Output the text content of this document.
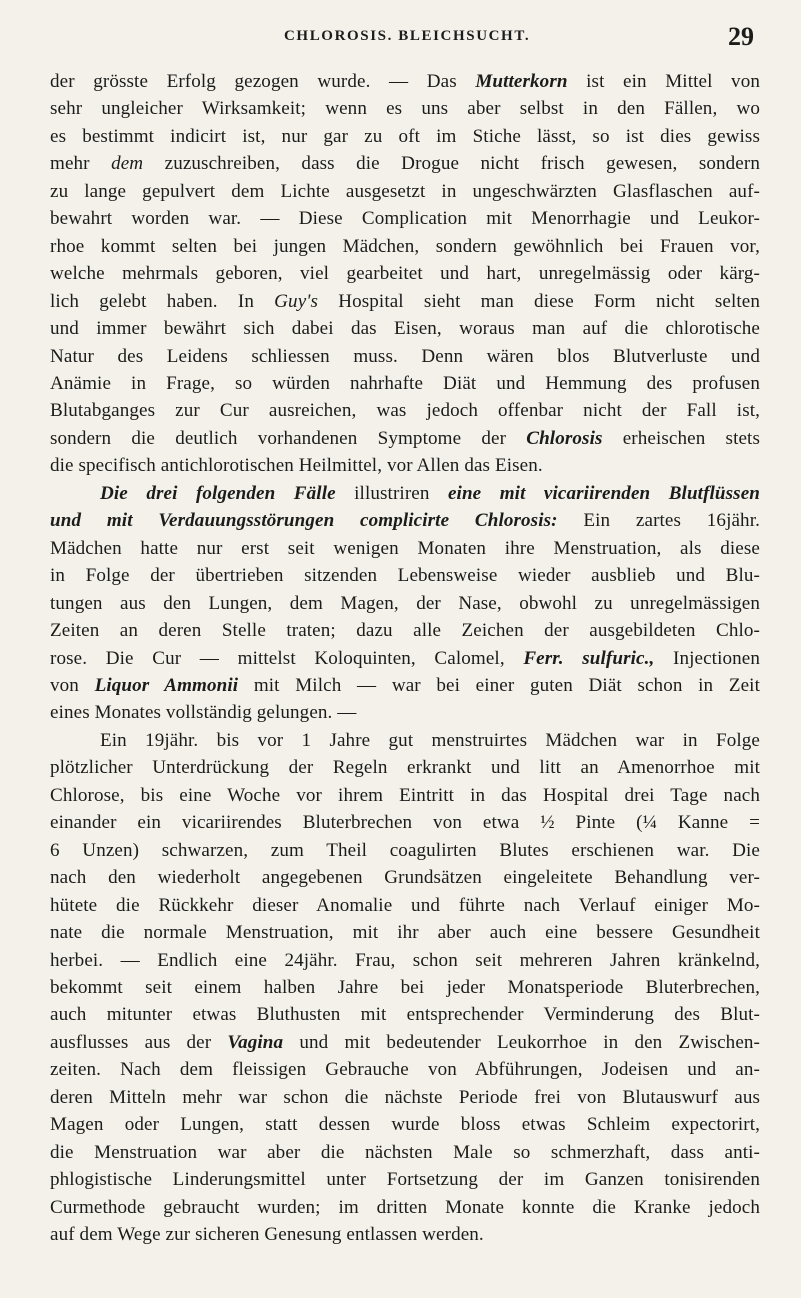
CHLOROSIS. BLEICHSUCHT.	29
der grösste Erfolg gezogen wurde. — Das Mutterkorn ist ein Mittel von
sehr ungleicher Wirksamkeit; wenn es uns aber selbst in den Fällen, wo
es bestimmt indicirt ist, nur gar zu oft im Stiche lässt, so ist dies gewiss
mehr dem zuzuschreiben, dass die Drogue nicht frisch gewesen, sondern
zu lange gepulvert dem Lichte ausgesetzt in ungeschwärzten Glasflaschen auf-
bewahrt worden war. — Diese Complication mit Menorrhagie und Leukor-
rhoe kommt selten bei jungen Mädchen, sondern gewöhnlich bei Frauen vor,
welche mehrmals geboren, viel gearbeitet und hart, unregelmässig oder kärg-
lich gelebt haben. In Guy's Hospital sieht man diese Form nicht selten
und immer bewährt sich dabei das Eisen, woraus man auf die chlorotische
Natur des Leidens schliessen muss. Denn wären blos Blutverluste und
Anämie in Frage, so würden nahrhafte Diät und Hemmung des profusen
Blutabganges zur Cur ausreichen, was jedoch offenbar nicht der Fall ist,
sondern die deutlich vorhandenen Symptome der Chlorosis erheischen stets
die specifisch antichlorotischen Heilmittel, vor Allen das Eisen.
Die drei folgenden Fälle illustriren eine mit vicariirenden Blutflüssen
und mit Verdauungsstörungen complicirte Chlorosis: Ein zartes 16jähr.
Mädchen hatte nur erst seit wenigen Monaten ihre Menstruation, als diese
in Folge der übertrieben sitzenden Lebensweise wieder ausblieb und Blu-
tungen aus den Lungen, dem Magen, der Nase, obwohl zu unregelmässigen
Zeiten an deren Stelle traten; dazu alle Zeichen der ausgebildeten Chlo-
rose. Die Cur — mittelst Koloquinten, Calomel, Ferr. sulfuric., Injectionen
von Liquor Ammonii mit Milch — war bei einer guten Diät schon in Zeit
eines Monates vollständig gelungen. —
Ein 19jähr. bis vor 1 Jahre gut menstruirtes Mädchen war in Folge
plötzlicher Unterdrückung der Regeln erkrankt und litt an Amenorrhoe mit
Chlorose, bis eine Woche vor ihrem Eintritt in das Hospital drei Tage nach
einander ein vicariirendes Bluterbrechen von etwa ½ Pinte (¼ Kanne =
6 Unzen) schwarzen, zum Theil coagulirten Blutes erschienen war. Die
nach den wiederholt angegebenen Grundsätzen eingeleitete Behandlung ver-
hütete die Rückkehr dieser Anomalie und führte nach Verlauf einiger Mo-
nate die normale Menstruation, mit ihr aber auch eine bessere Gesundheit
herbei. — Endlich eine 24jähr. Frau, schon seit mehreren Jahren kränkelnd,
bekommt seit einem halben Jahre bei jeder Monatsperiode Bluterbrechen,
auch mitunter etwas Bluthusten mit entsprechender Verminderung des Blut-
ausflusses aus der Vagina und mit bedeutender Leukorrhoe in den Zwischen-
zeiten. Nach dem fleissigen Gebrauche von Abführungen, Jodeisen und an-
deren Mitteln mehr war schon die nächste Periode frei von Blutauswurf aus
Magen oder Lungen, statt dessen wurde bloss etwas Schleim expectorirt,
die Menstruation war aber die nächsten Male so schmerzhaft, dass anti-
phlogistische Linderungsmittel unter Fortsetzung der im Ganzen tonisirenden
Curmethode gebraucht wurden; im dritten Monate konnte die Kranke jedoch
auf dem Wege zur sicheren Genesung entlassen werden.
